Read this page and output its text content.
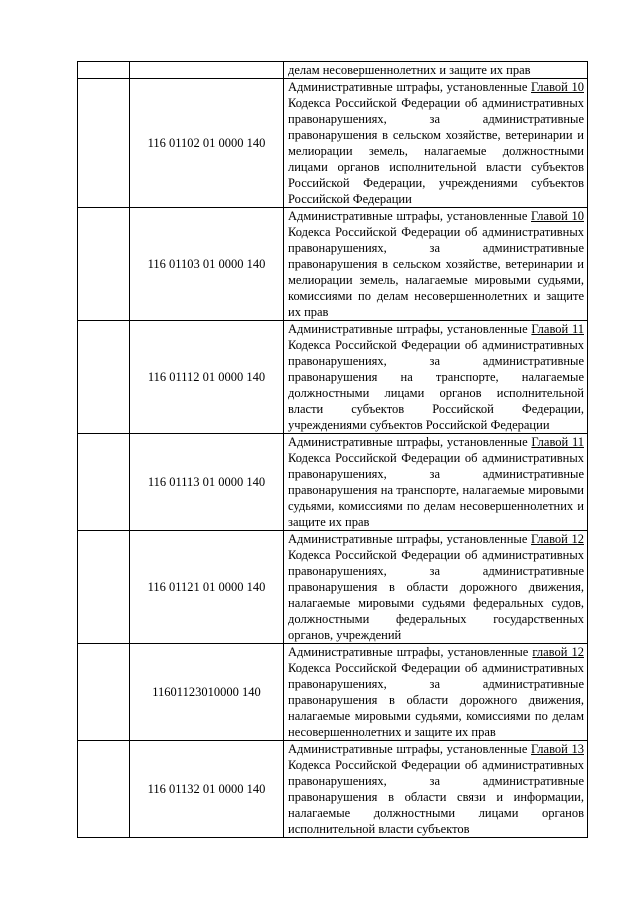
		делам несовершеннолетних и защите их прав
	116 01102 01 0000 140	Административные штрафы, установленные Главой 10 Кодекса Российской Федерации об административных правонарушениях, за административные правонарушения в сельском хозяйстве, ветеринарии и мелиорации земель, налагаемые должностными лицами органов исполнительной власти субъектов Российской Федерации, учреждениями субъектов Российской Федерации
	116 01103 01 0000 140	Административные штрафы, установленные Главой 10 Кодекса Российской Федерации об административных правонарушениях, за административные правонарушения в сельском хозяйстве, ветеринарии и мелиорации земель, налагаемые мировыми судьями, комиссиями по делам несовершеннолетних и защите их прав
	116 01112 01 0000 140	Административные штрафы, установленные Главой 11 Кодекса Российской Федерации об административных правонарушениях, за административные правонарушения на транспорте, налагаемые должностными лицами органов исполнительной власти субъектов Российской Федерации, учреждениями субъектов Российской Федерации
	116 01113 01 0000 140	Административные штрафы, установленные Главой 11 Кодекса Российской Федерации об административных правонарушениях, за административные правонарушения на транспорте, налагаемые мировыми судьями, комиссиями по делам несовершеннолетних и защите их прав
	116 01121 01 0000 140	Административные штрафы, установленные Главой 12 Кодекса Российской Федерации об административных правонарушениях, за административные правонарушения в области дорожного движения, налагаемые мировыми судьями федеральных судов, должностными федеральных государственных органов, учреждений
	11601123010000 140	Административные штрафы, установленные главой 12 Кодекса Российской Федерации об административных правонарушениях, за административные правонарушения в области дорожного движения, налагаемые мировыми судьями, комиссиями по делам несовершеннолетних и защите их прав
	116 01132 01 0000 140	Административные штрафы, установленные Главой 13 Кодекса Российской Федерации об административных правонарушениях, за административные правонарушения в области связи и информации, налагаемые должностными лицами органов исполнительной власти субъектов
